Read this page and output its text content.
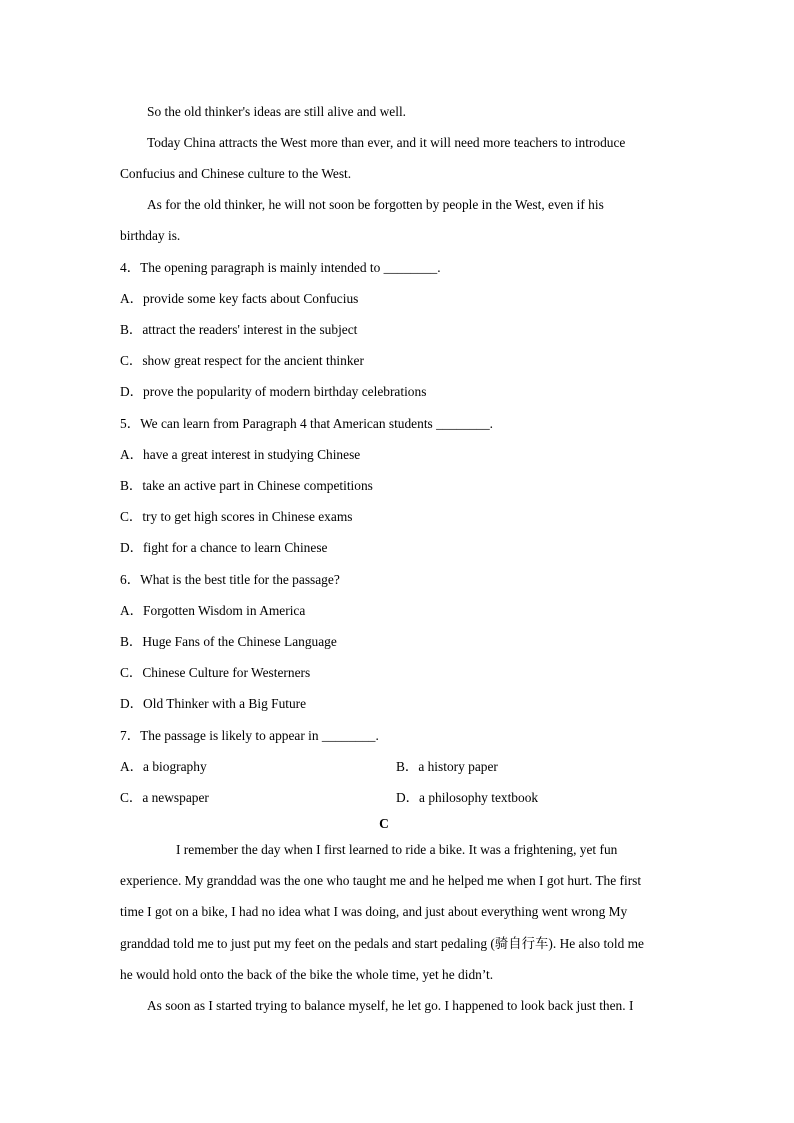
So the old thinker's ideas are still alive and well.
Today China attracts the West more than ever, and it will need more teachers to introduce
Confucius and Chinese culture to the West.
As for the old thinker, he will not soon be forgotten by people in the West, even if his
birthday is.
4．The opening paragraph is mainly intended to ________.
A．provide some key facts about Confucius
B．attract the readers' interest in the subject
C．show great respect for the ancient thinker
D．prove the popularity of modern birthday celebrations
5．We can learn from Paragraph 4 that American students ________.
A．have a great interest in studying Chinese
B．take an active part in Chinese competitions
C．try to get high scores in Chinese exams
D．fight for a chance to learn Chinese
6．What is the best title for the passage?
A．Forgotten Wisdom in America
B．Huge Fans of the Chinese Language
C．Chinese Culture for Westerners
D．Old Thinker with a Big Future
7．The passage is likely to appear in ________.
A．a biography	B．a history paper
C．a newspaper	D．a philosophy textbook
C
I remember the day when I first learned to ride a bike. It was a frightening, yet fun
experience. My granddad was the one who taught me and he helped me when I got hurt. The first
time I got on a bike, I had no idea what I was doing, and just about everything went wrong My
granddad told me to just put my feet on the pedals and start pedaling (骑自行车). He also told me
he would hold onto the back of the bike the whole time, yet he didn’t.
As soon as I started trying to balance myself, he let go. I happened to look back just then. I
